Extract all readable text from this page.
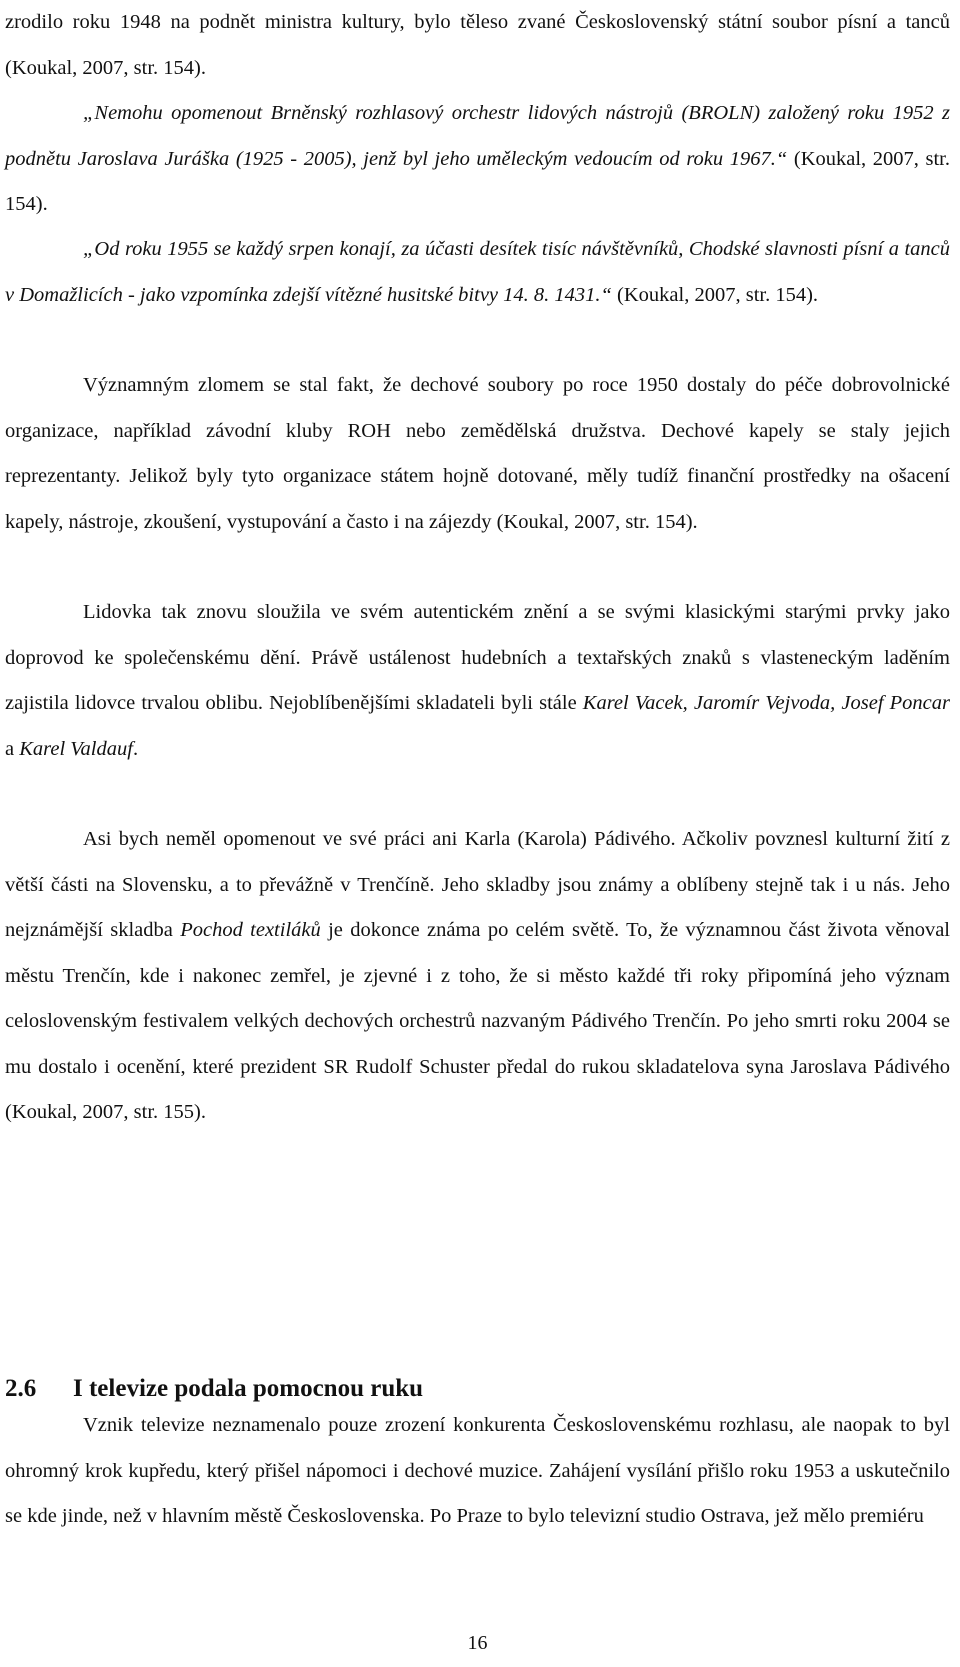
zrodilo roku 1948 na podnět ministra kultury, bylo těleso zvané Československý státní soubor písní a tanců (Koukal, 2007, str. 154).

„Nemohu opomenout Brněnský rozhlasový orchestr lidových nástrojů (BROLN) založený roku 1952 z podnětu Jaroslava Juráška (1925 - 2005), jenž byl jeho uměleckým vedoucím od roku 1967.“ (Koukal, 2007, str. 154).

„Od roku 1955 se každý srpen konají, za účasti desítek tisíc návštěvníků, Chodské slavnosti písní a tanců v Domažlicích - jako vzpomínka zdejší vítězné husitské bitvy 14. 8. 1431.“ (Koukal, 2007, str. 154).

Významným zlomem se stal fakt, že dechové soubory po roce 1950 dostaly do péče dobrovolnické organizace, například závodní kluby ROH nebo zemědělská družstva. Dechové kapely se staly jejich reprezentanty. Jelikož byly tyto organizace státem hojně dotované, měly tudíž finanční prostředky na ošacení kapely, nástroje, zkoušení, vystupování a často i na zájezdy (Koukal, 2007, str. 154).

Lidovka tak znovu sloužila ve svém autentickém znění a se svými klasickými starými prvky jako doprovod ke společenskému dění. Právě ustálenost hudebních a textařských znaků s vlasteneckým laděním zajistila lidovce trvalou oblibu. Nejoblíbenějšími skladateli byli stále Karel Vacek, Jaromír Vejvoda, Josef Poncar a Karel Valdauf.

Asi bych neměl opomenout ve své práci ani Karla (Karola) Pádivého. Ačkoliv povznesl kulturní žití z větší části na Slovensku, a to převážně v Trenčíně. Jeho skladby jsou známy a oblíbeny stejně tak i u nás. Jeho nejznámější skladba Pochod textiláků je dokonce známa po celém světě. To, že významnou část života věnoval městu Trenčín, kde i nakonec zemřel, je zjevné i z toho, že si město každé tři roky připomíná jeho význam celoslovenským festivalem velkých dechových orchestrů nazvaným Pádivého Trenčín. Po jeho smrti roku 2004 se mu dostalo i ocenění, které prezident SR Rudolf Schuster předal do rukou skladatelova syna Jaroslava Pádivého (Koukal, 2007, str. 155).

2.6 I televize podala pomocnou ruku

Vznik televize neznamenalo pouze zrození konkurenta Československému rozhlasu, ale naopak to byl ohromný krok kupředu, který přišel nápomoci i dechové muzice. Zahájení vysílání přišlo roku 1953 a uskutečnilo se kde jinde, než v hlavním městě Československa. Po Praze to bylo televizní studio Ostrava, jež mělo premiéru

16
